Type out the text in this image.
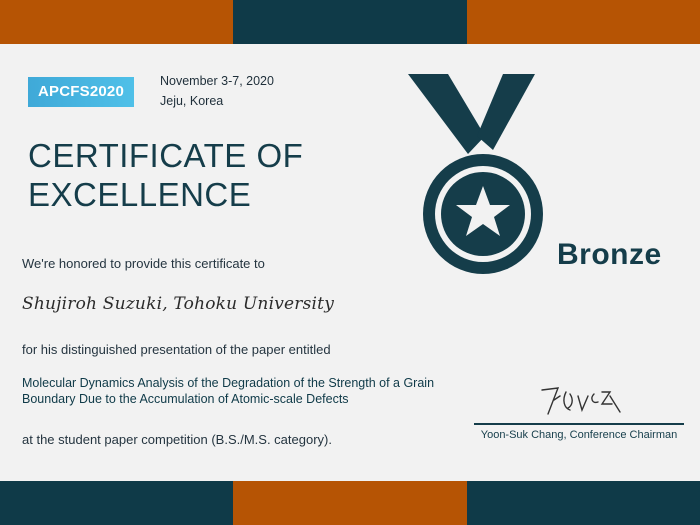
APCFS2020
November 3-7, 2020
Jeju, Korea
CERTIFICATE OF EXCELLENCE
We're honored to provide this certificate to
Shujiroh Suzuki, Tohoku University
for his distinguished presentation of the paper entitled
Molecular Dynamics Analysis of the Degradation of the Strength of a Grain Boundary Due to the Accumulation of Atomic-scale Defects
at the student paper competition (B.S./M.S. category).
Bronze
Yoon-Suk Chang, Conference Chairman
